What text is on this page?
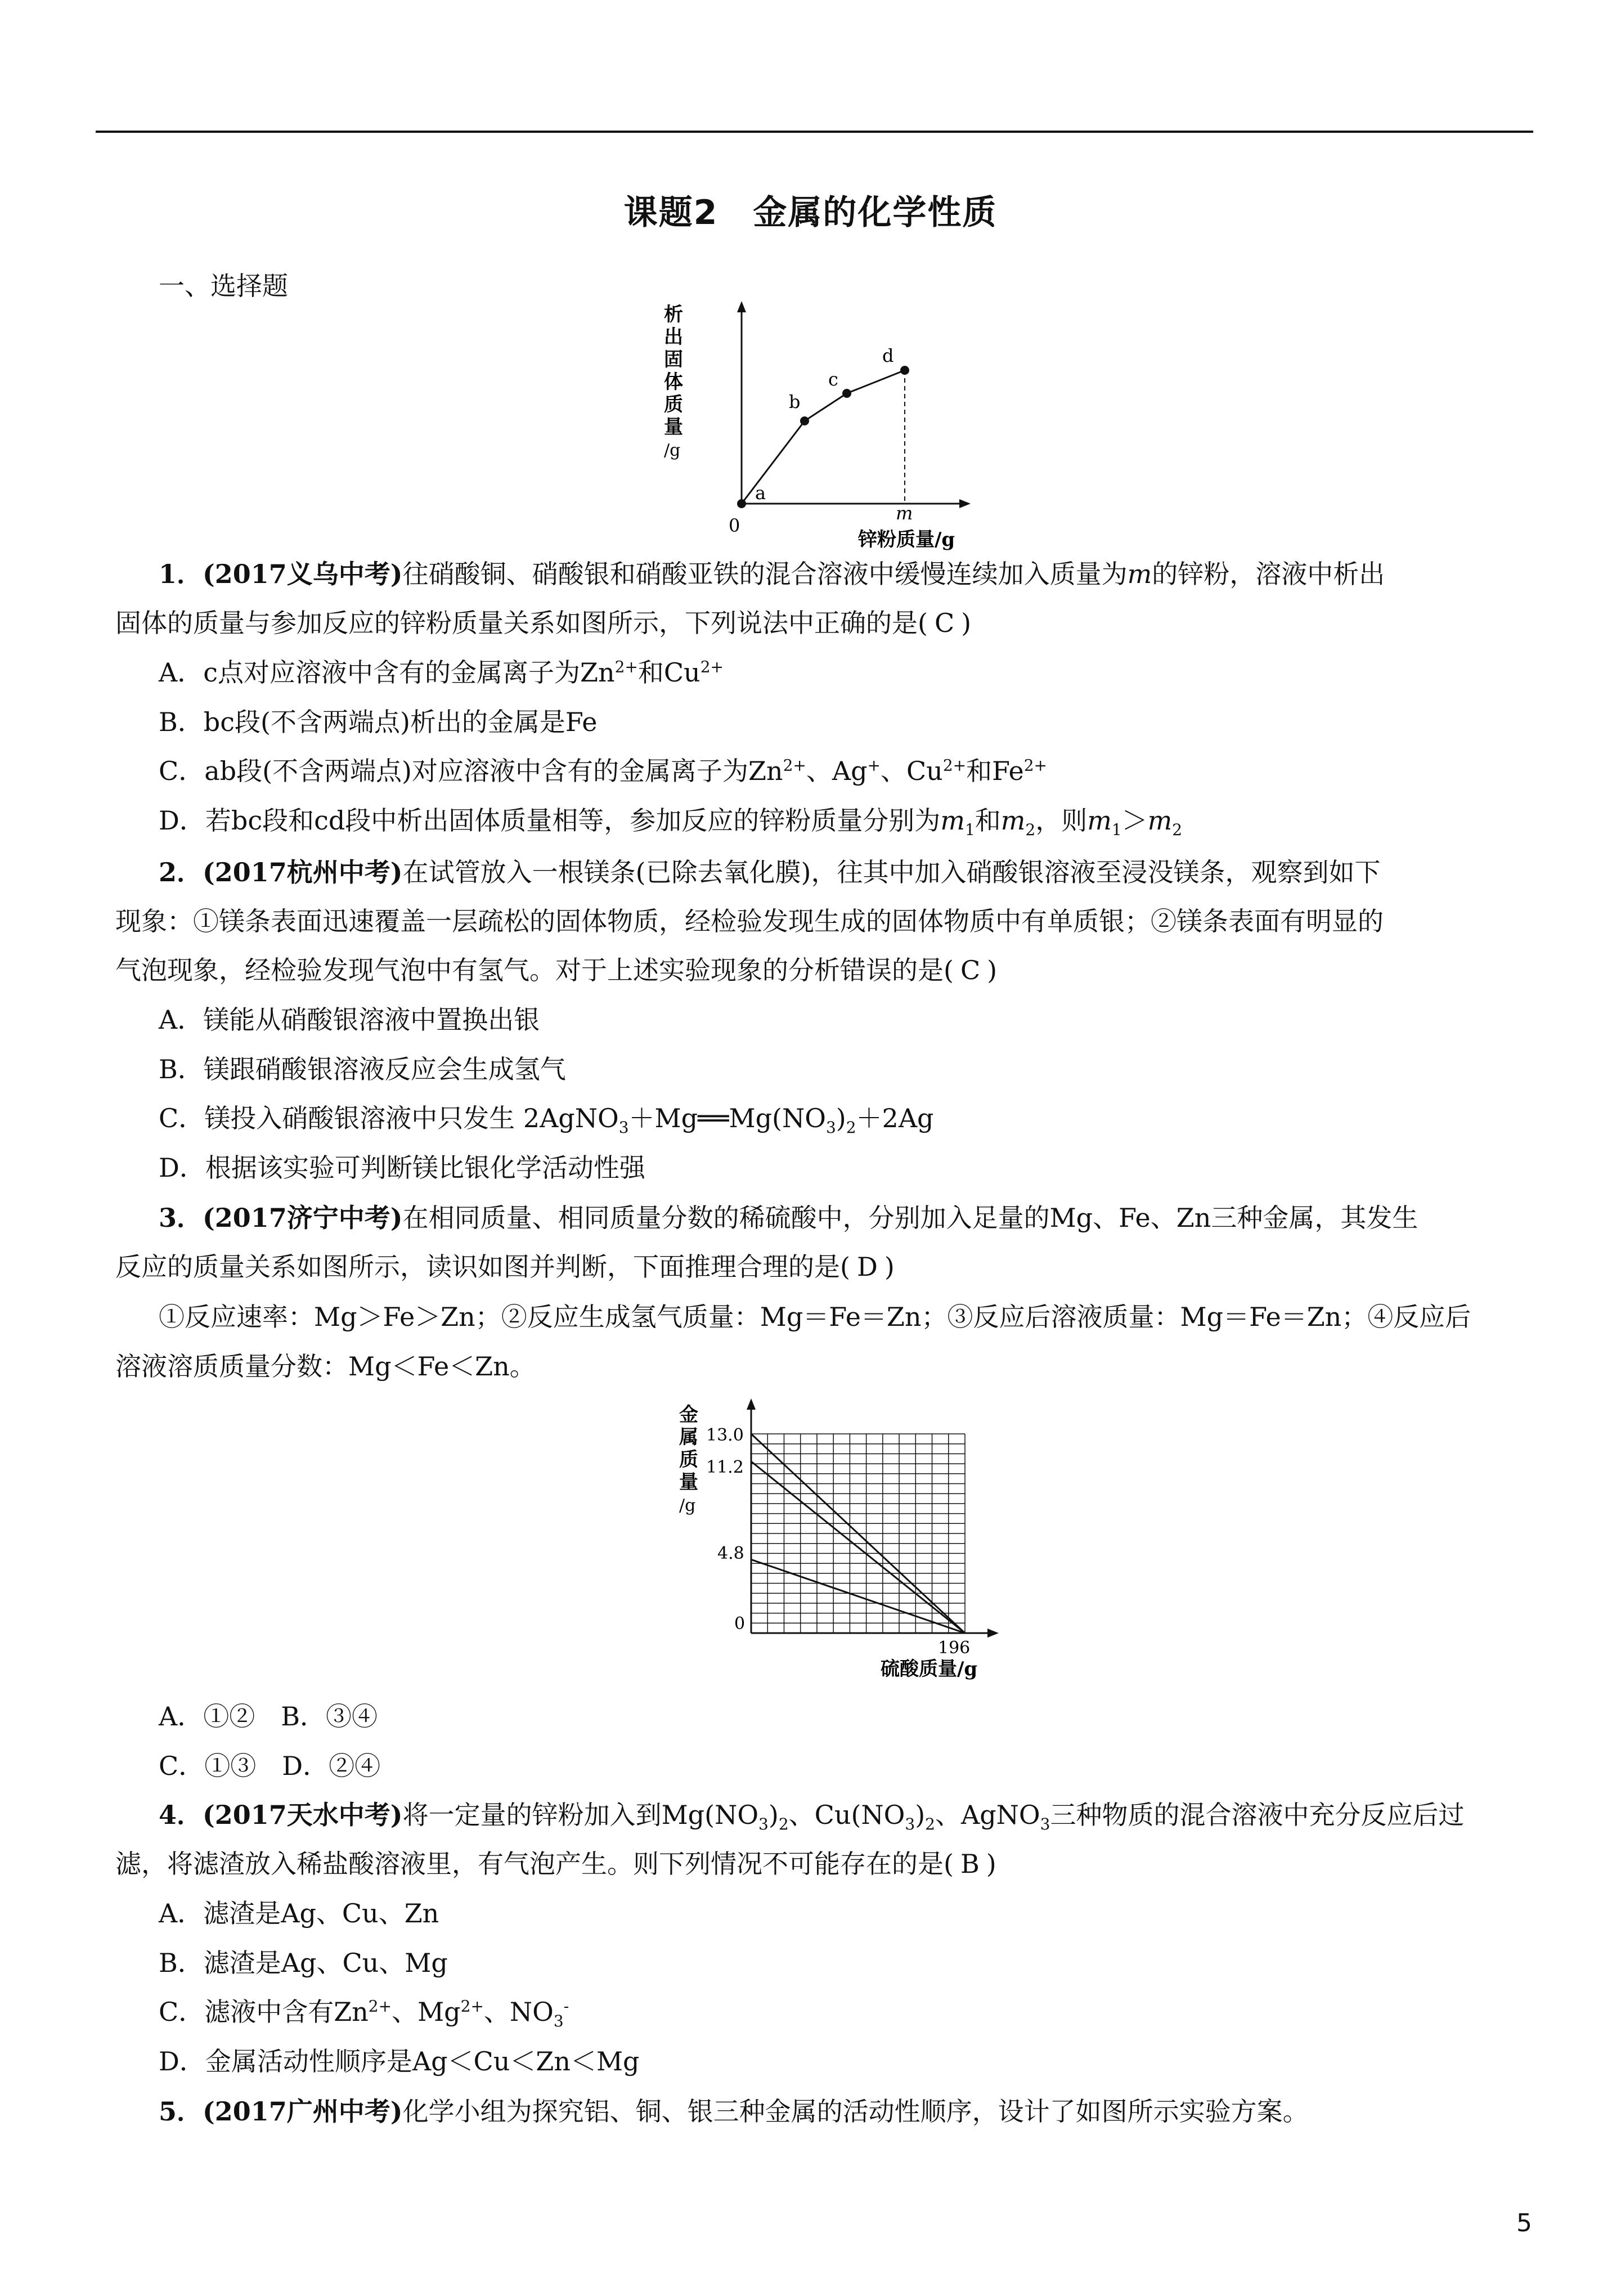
课题2　金属的化学性质
一、选择题
析
出
固
体
质
量
/g
0
m
锌粉质量/g
a
b
c
d
1．(2017义乌中考)往硝酸铜、硝酸银和硝酸亚铁的混合溶液中缓慢连续加入质量为m的锌粉，溶液中析出
固体的质量与参加反应的锌粉质量关系如图所示，下列说法中正确的是( C )
A．c点对应溶液中含有的金属离子为$Zn^{2+}$和$Cu^{2+}$
B．bc段(不含两端点)析出的金属是Fe
C．ab段(不含两端点)对应溶液中含有的金属离子为$Zn^{2+}$、Ag+、$Cu^{2+}$和$Fe^{2+}$
D．若bc段和cd段中析出固体质量相等，参加反应的锌粉质量分别为$m_1$和$m_2$，则$m_1>m_2$
2．(2017杭州中考)在试管放入一根镁条(已除去氧化膜)，往其中加入硝酸银溶液至浸没镁条，观察到如下
现象：①镁条表面迅速覆盖一层疏松的固体物质，经检验发现生成的固体物质中有单质银；②镁条表面有明显的
气泡现象，经检验发现气泡中有氢气。对于上述实验现象的分析错误的是( C )
A．镁能从硝酸银溶液中置换出银
B．镁跟硝酸银溶液反应会生成氢气
C．镁投入硝酸银溶液中只发生 $2AgNO_3+Mg══Mg(NO_3)_2+2Ag$
D．根据该实验可判断镁比银化学活动性强
3．(2017济宁中考)在相同质量、相同质量分数的稀硫酸中，分别加入足量的Mg、Fe、Zn三种金属，其发生
反应的质量关系如图所示，读识如图并判断，下面推理合理的是( D )
①反应速率：Mg＞Fe＞Zn；②反应生成氢气质量：Mg＝Fe＝Zn；③反应后溶液质量：Mg＝Fe＝Zn；④反应后
溶液溶质质量分数：Mg＜Fe＜Zn。
金
属
质
量
/g
13.0
11.2
4.8
0
196
硫酸质量/g
A．①②　B．③④
C．①③　D．②④
4．(2017天水中考)将一定量的锌粉加入到$Mg(NO_3)_2$、$Cu(NO_3)_2$、AgNO$_3$三种物质的混合溶液中充分反应后过
滤，将滤渣放入稀盐酸溶液里，有气泡产生。则下列情况不可能存在的是( B )
A．滤渣是Ag、Cu、Zn
B．滤渣是Ag、Cu、Mg
C．滤液中含有$Zn^{2+}$、$Mg^{2+}$、$NO_3^-$
D．金属活动性顺序是Ag＜Cu＜Zn＜Mg
5．(2017广州中考)化学小组为探究铝、铜、银三种金属的活动性顺序，设计了如图所示实验方案。
5
